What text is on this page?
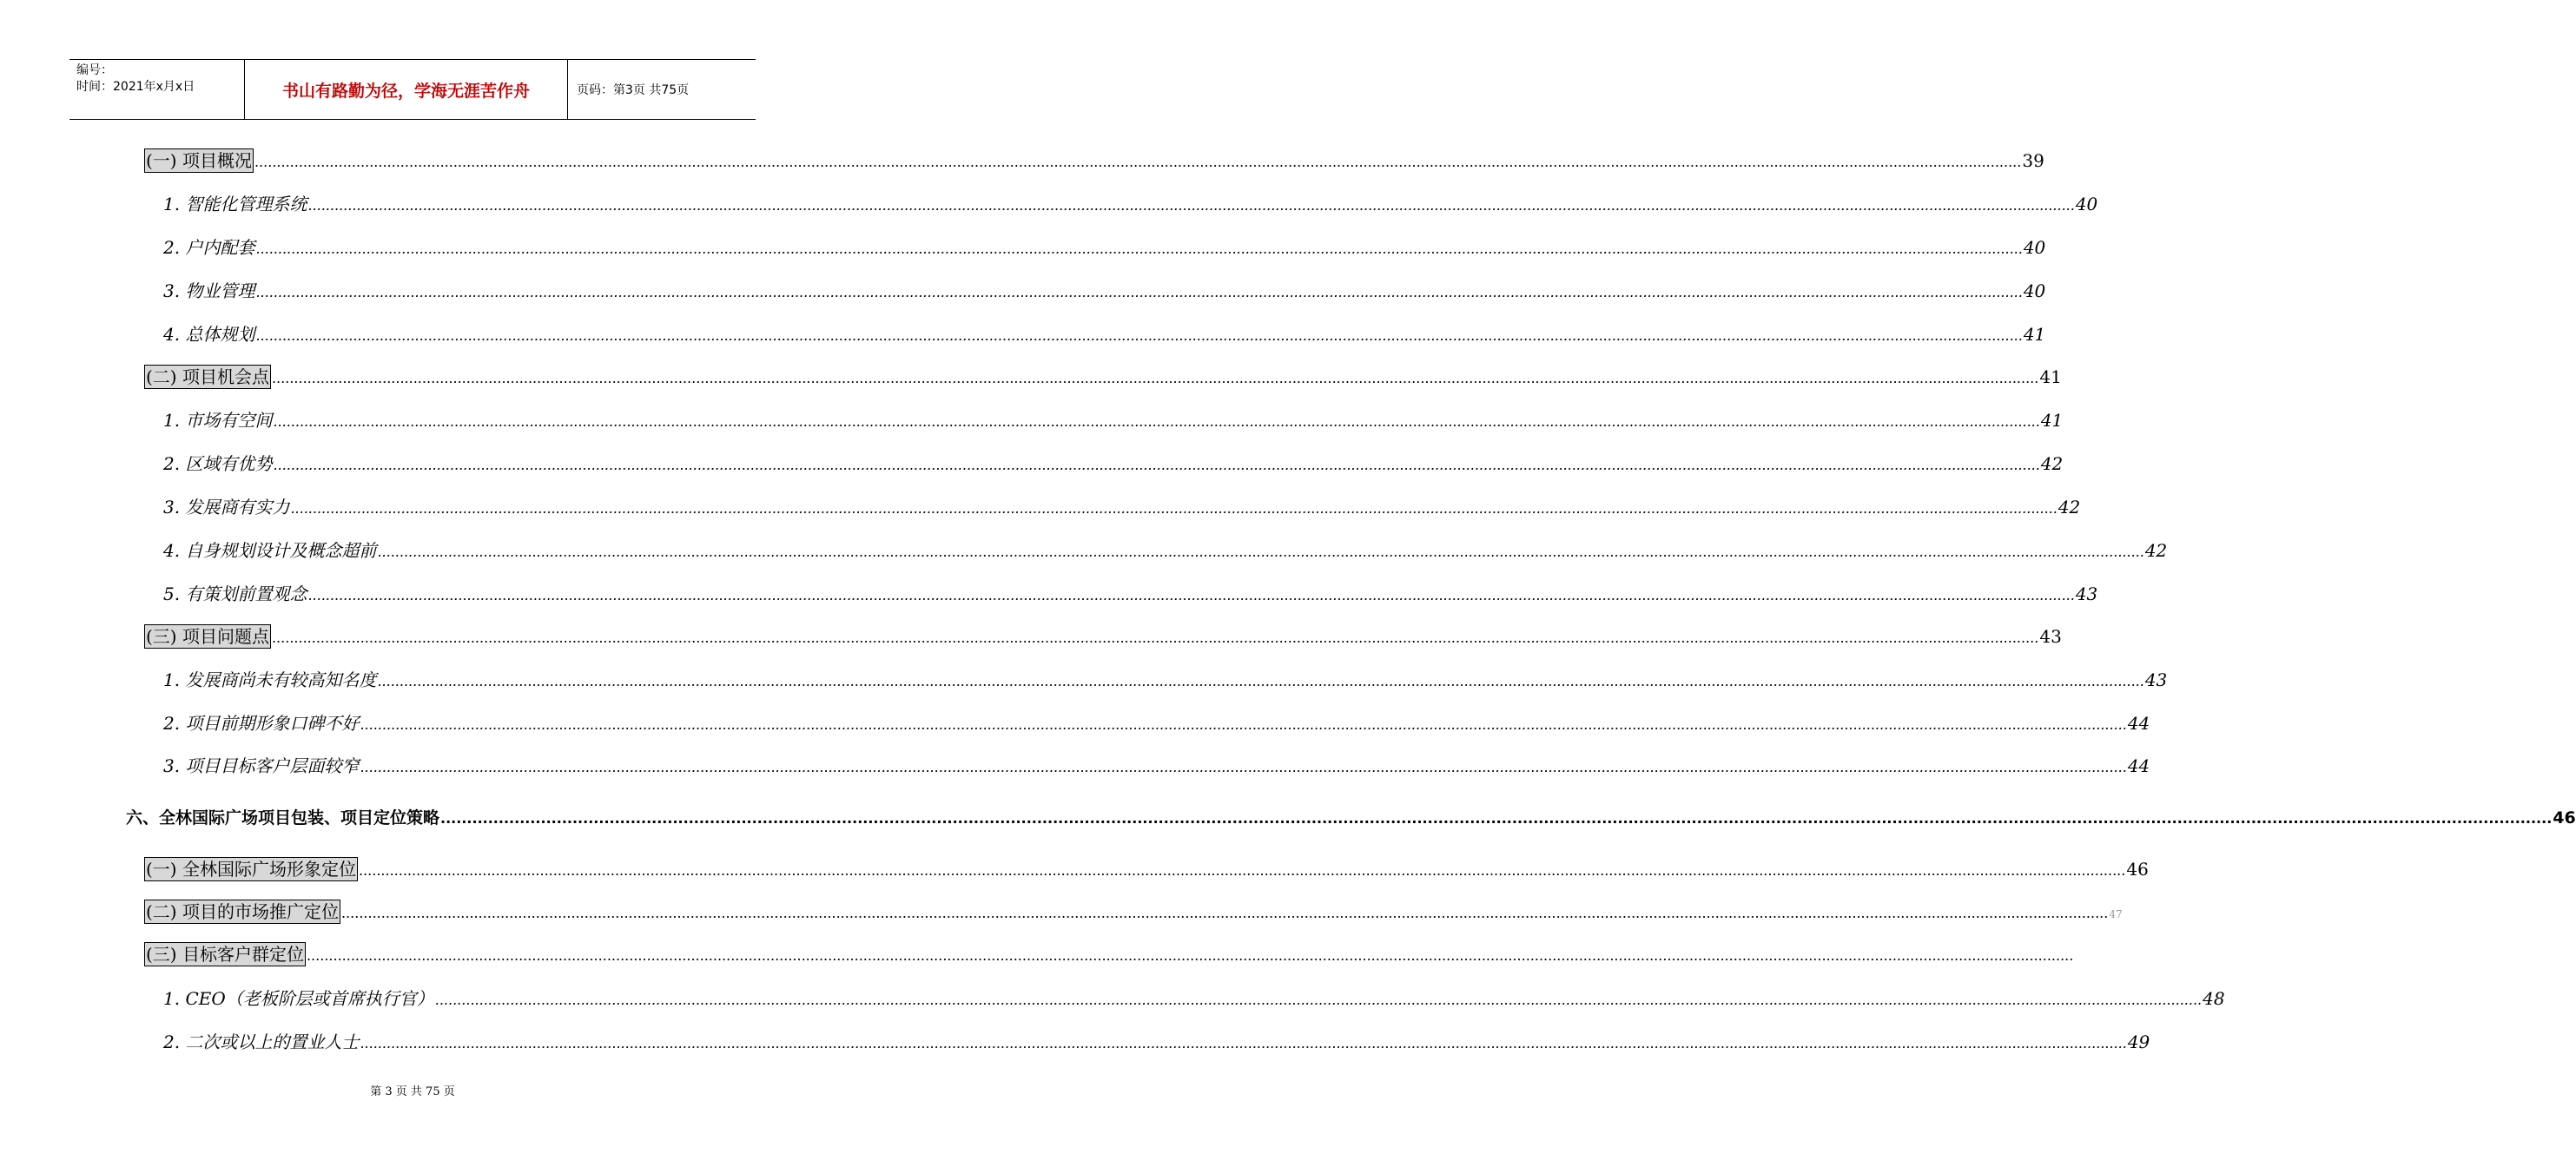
编号：
时间：2021年x月x日	书山有路勤为径，学海无涯苦作舟	页码：第3页 共75页
(一) 项目概况 ................................................................................................................................................................................................................................................................................................................................................................................................................ 39
1. 智能化管理系统 ................................................................................................................................................................................................................................................................................................................................................................................................................ 40
2. 户内配套 ................................................................................................................................................................................................................................................................................................................................................................................................................ 40
3. 物业管理 ................................................................................................................................................................................................................................................................................................................................................................................................................ 40
4. 总体规划 ................................................................................................................................................................................................................................................................................................................................................................................................................ 41
(二) 项目机会点 ................................................................................................................................................................................................................................................................................................................................................................................................................ 41
1. 市场有空间 ................................................................................................................................................................................................................................................................................................................................................................................................................ 41
2. 区域有优势 ................................................................................................................................................................................................................................................................................................................................................................................................................ 42
3. 发展商有实力 ................................................................................................................................................................................................................................................................................................................................................................................................................ 42
4. 自身规划设计及概念超前 ................................................................................................................................................................................................................................................................................................................................................................................................................ 42
5. 有策划前置观念 ................................................................................................................................................................................................................................................................................................................................................................................................................ 43
(三) 项目问题点 ................................................................................................................................................................................................................................................................................................................................................................................................................ 43
1. 发展商尚未有较高知名度 ................................................................................................................................................................................................................................................................................................................................................................................................................ 43
2. 项目前期形象口碑不好 ................................................................................................................................................................................................................................................................................................................................................................................................................ 44
3. 项目目标客户层面较窄 ................................................................................................................................................................................................................................................................................................................................................................................................................ 44
六、全林国际广场项目包装、项目定位策略 ................................................................................................................................................................................................................................................................................................................................................................................................................ 46
(一) 全林国际广场形象定位 ................................................................................................................................................................................................................................................................................................................................................................................................................ 46
(二) 项目的市场推广定位 ................................................................................................................................................................................................................................................................................................................................................................................................................ 47
(三) 目标客户群定位 ................................................................................................................................................................................................................................................................................................................................................................................................................
1. CEO（老板阶层或首席执行官） ................................................................................................................................................................................................................................................................................................................................................................................................................ 48
2. 二次或以上的置业人士 ................................................................................................................................................................................................................................................................................................................................................................................................................ 49
第 3 页 共 75 页
